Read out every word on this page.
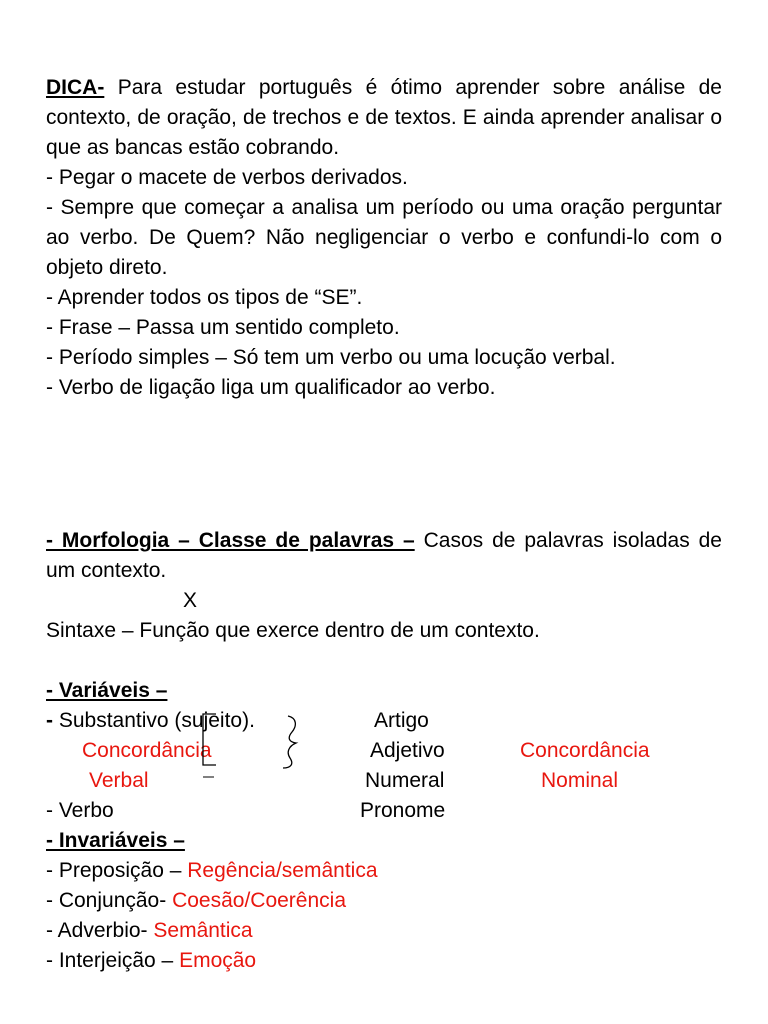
DICA- Para estudar português é ótimo aprender sobre análise de contexto, de oração, de trechos e de textos. E ainda aprender analisar o que as bancas estão cobrando.

- Pegar o macete de verbos derivados.

- Sempre que começar a analisa um período ou uma oração perguntar ao verbo. De Quem? Não negligenciar o verbo e confundi-lo com o objeto direto.

- Aprender todos os tipos de “SE”.

- Frase – Passa um sentido completo.

- Período simples – Só tem um verbo ou uma locução verbal.

- Verbo de ligação liga um qualificador ao verbo.

- Morfologia – Classe de palavras – Casos de palavras isoladas de um contexto.

X

Sintaxe – Função que exerce dentro de um contexto.

- Variáveis –
- Substantivo (sujeito).
Concordância
Verbal
- Verbo
Artigo
Adjetivo
Numeral
Pronome
Concordância
Nominal
- Invariáveis –
- Preposição – Regência/semântica
- Conjunção- Coesão/Coerência
- Adverbio- Semântica
- Interjeição – Emoção
